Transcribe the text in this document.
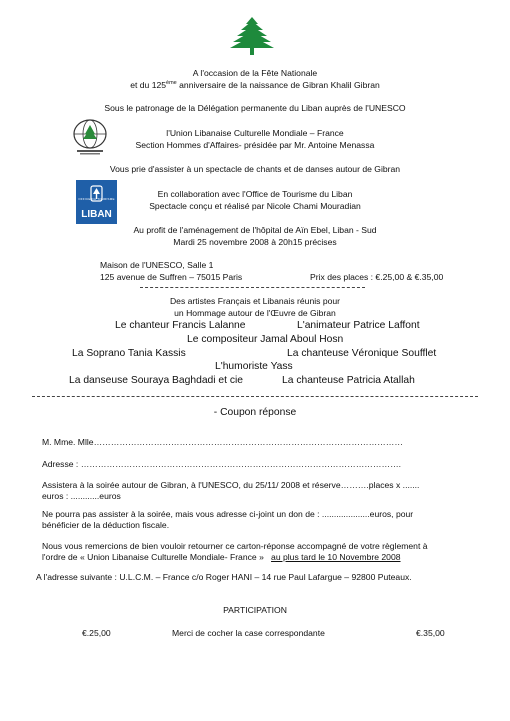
A l'occasion de la Fête Nationale
et du 125ème anniversaire de la naissance de Gibran Khalil Gibran
Sous le patronage de la Délégation permanente du Liban auprès de l'UNESCO
l'Union Libanaise Culturelle Mondiale – France
Section Hommes d'Affaires- présidée par Mr. Antoine Menassa
Vous prie d'assister à un spectacle de chants et de danses autour de Gibran
OFFICE DU TOURISME
LIBAN
En collaboration avec l'Office de Tourisme du Liban
Spectacle conçu et réalisé par Nicole Chami Mouradian
Au profit de l'aménagement de l'hôpital de Aïn Ebel, Liban - Sud
Mardi 25 novembre 2008 à 20h15 précises
Maison de l'UNESCO, Salle 1
125 avenue de Suffren – 75015 Paris	Prix des places : €.25,00 & €.35,00
Des artistes Français et Libanais réunis pour
un Hommage autour de l'Œuvre de Gibran
Le chanteur Francis Lalanne	L'animateur Patrice Laffont
Le compositeur Jamal Aboul Hosn
La Soprano Tania Kassis	La chanteuse Véronique Soufflet
L'humoriste Yass
La danseuse Souraya Baghdadi et cie	La chanteuse Patricia Atallah
- Coupon réponse
M. Mme. Mlle………………………………………………………………………………………………
Adresse : ………………………………………………………………………………………………….
Assistera à la soirée autour de Gibran, à l'UNESCO, du 25/11/ 2008 et réserve……….places x .......
euros : ............euros
Ne pourra pas assister à la soirée, mais vous adresse ci-joint un don de : ....................euros, pour
bénéficier de la déduction fiscale.
Nous vous remercions de bien vouloir retourner ce carton-réponse accompagné de votre règlement à
l'ordre de « Union Libanaise Culturelle Mondiale- France » au plus tard le 10 Novembre 2008
A l'adresse suivante : U.L.C.M. – France c/o Roger HANI – 14 rue Paul Lafargue – 92800 Puteaux.
PARTICIPATION
€.25,00	Merci de cocher la case correspondante	€.35,00
